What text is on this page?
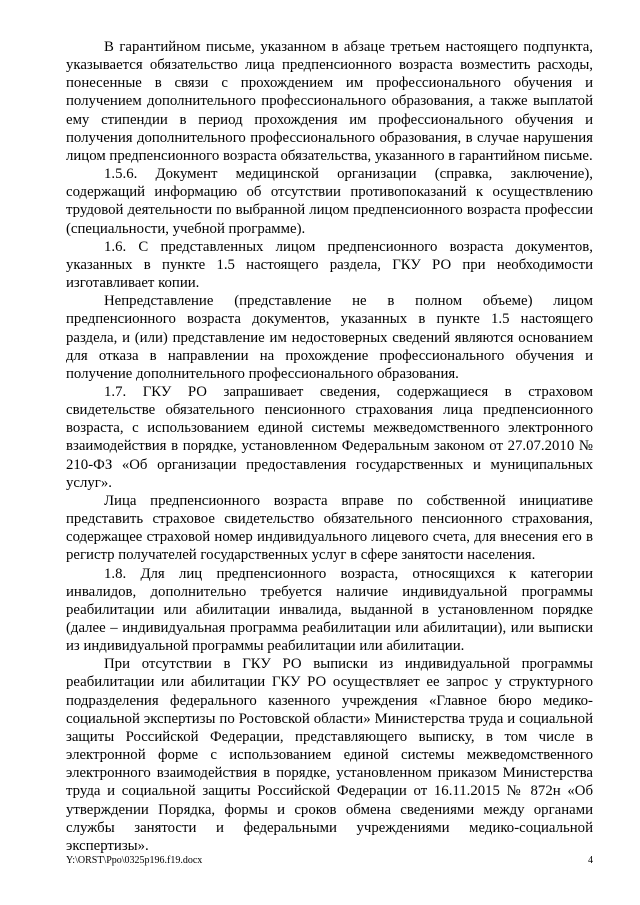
В гарантийном письме, указанном в абзаце третьем настоящего подпункта, указывается обязательство лица предпенсионного возраста возместить расходы, понесенные в связи с прохождением им профессионального обучения и получением дополнительного профессионального образования, а также выплатой ему стипендии в период прохождения им профессионального обучения и получения дополнительного профессионального образования, в случае нарушения лицом предпенсионного возраста обязательства, указанного в гарантийном письме.

1.5.6. Документ медицинской организации (справка, заключение), содержащий информацию об отсутствии противопоказаний к осуществлению трудовой деятельности по выбранной лицом предпенсионного возраста профессии (специальности, учебной программе).

1.6. С представленных лицом предпенсионного возраста документов, указанных в пункте 1.5 настоящего раздела, ГКУ РО при необходимости изготавливает копии.

Непредставление (представление не в полном объеме) лицом предпенсионного возраста документов, указанных в пункте 1.5 настоящего раздела, и (или) представление им недостоверных сведений являются основанием для отказа в направлении на прохождение профессионального обучения и получение дополнительного профессионального образования.

1.7. ГКУ РО запрашивает сведения, содержащиеся в страховом свидетельстве обязательного пенсионного страхования лица предпенсионного возраста, с использованием единой системы межведомственного электронного взаимодействия в порядке, установленном Федеральным законом от 27.07.2010 № 210-ФЗ «Об организации предоставления государственных и муниципальных услуг».

Лица предпенсионного возраста вправе по собственной инициативе представить страховое свидетельство обязательного пенсионного страхования, содержащее страховой номер индивидуального лицевого счета, для внесения его в регистр получателей государственных услуг в сфере занятости населения.

1.8. Для лиц предпенсионного возраста, относящихся к категории инвалидов, дополнительно требуется наличие индивидуальной программы реабилитации или абилитации инвалида, выданной в установленном порядке (далее – индивидуальная программа реабилитации или абилитации), или выписки из индивидуальной программы реабилитации или абилитации.

При отсутствии в ГКУ РО выписки из индивидуальной программы реабилитации или абилитации ГКУ РО осуществляет ее запрос у структурного подразделения федерального казенного учреждения «Главное бюро медико-социальной экспертизы по Ростовской области» Министерства труда и социальной защиты Российской Федерации, представляющего выписку, в том числе в электронной форме с использованием единой системы межведомственного электронного взаимодействия в порядке, установленном приказом Министерства труда и социальной защиты Российской Федерации от 16.11.2015 № 872н «Об утверждении Порядка, формы и сроков обмена сведениями между органами службы занятости и федеральными учреждениями медико-социальной экспертизы».

Y:\ORST\Ppo\0325p196.f19.docx	4
